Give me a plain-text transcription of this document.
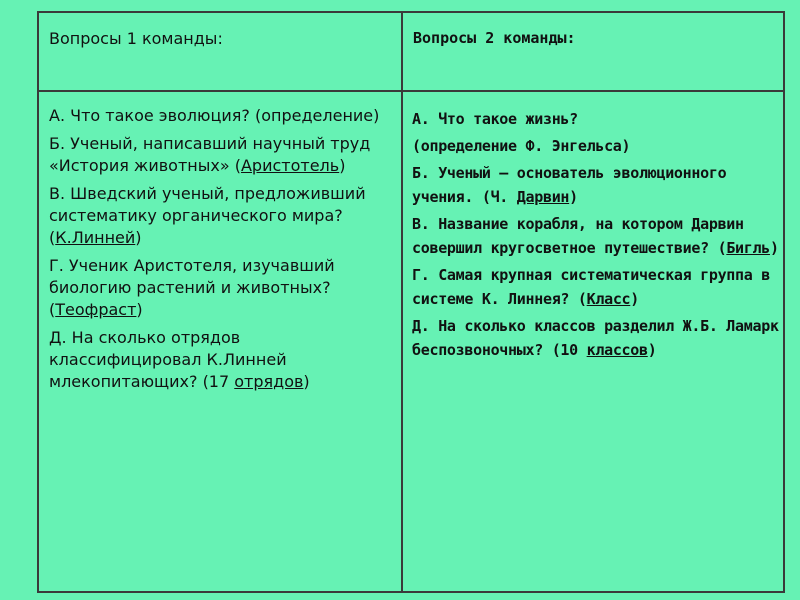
Вопросы 1 команды:	Вопросы 2 команды:

А. Что такое эволюция? (определение)

Б. Ученый, написавший научный труд «История животных» (Аристотель)

В. Шведский ученый, предложивший систематику органического мира? (К.Линней)

Г. Ученик Аристотеля, изучавший биологию растений и животных? (Теофраст)

Д. На сколько отрядов классифицировал К.Линней млекопитающих? (17 отрядов)

А. Что такое жизнь?

(определение Ф. Энгельса)

Б. Ученый – основатель эволюционного учения. (Ч. Дарвин)

В. Название корабля, на котором Дарвин совершил кругосветное путешествие? (Бигль)

Г. Самая крупная систематическая группа в системе К. Линнея? (Класс)

Д. На сколько классов разделил Ж.Б. Ламарк беспозвоночных? (10 классов)
